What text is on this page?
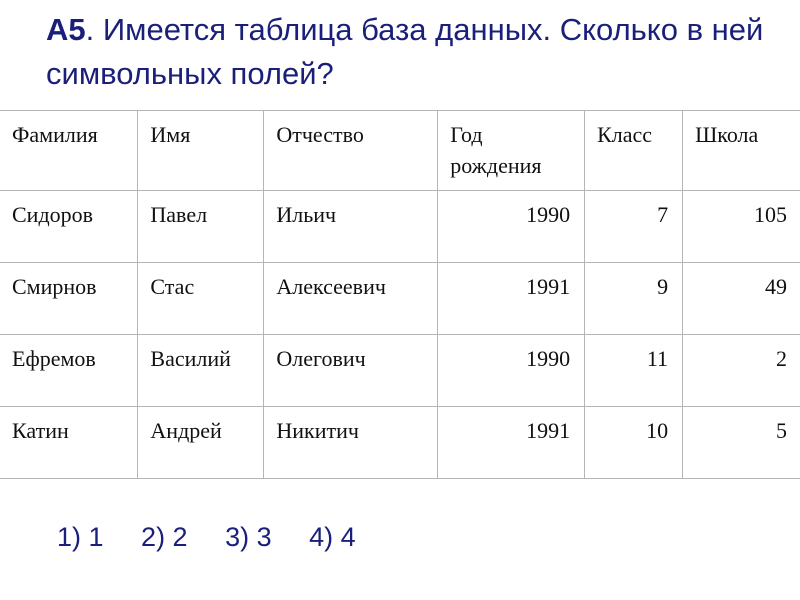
A5. Имеется таблица база данных. Сколько в ней символьных полей?
Фамилия	Имя	Отчество	Год рождения	Класс	Школа
Сидоров	Павел	Ильич	1990	7	105
Смирнов	Стас	Алексеевич	1991	9	49
Ефремов	Василий	Олегович	1990	11	2
Катин	Андрей	Никитич	1991	10	5
1) 1 2) 2 3) 3 4) 4
